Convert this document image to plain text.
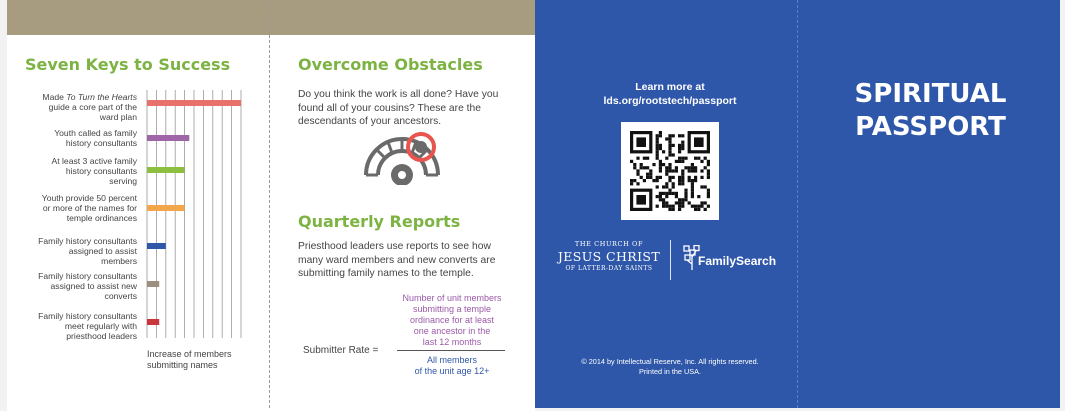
Seven Keys to Success
Made To Turn the Hearts
guide a core part of the
ward plan
Youth called as family
history consultants
At least 3 active family
history consultants
serving
Youth provide 50 percent
or more of the names for
temple ordinances
Family history consultants
assigned to assist
members
Family history consultants
assigned to assist new
converts
Family history consultants
meet regularly with
priesthood leaders
Increase of members
submitting names
Overcome Obstacles
Do you think the work is all done? Have you
found all of your cousins? These are the
descendants of your ancestors.
Quarterly Reports
Priesthood leaders use reports to see how
many ward members and new converts are
submitting family names to the temple.
Submitter Rate =
Number of unit members
submitting a temple
ordinance for at least
one ancestor in the
last 12 months
All members
of the unit age 12+
Learn more at
lds.org/rootstech/passport
THE CHURCH OF
JESUS CHRIST
OF LATTER-DAY SAINTS
FamilySearch
© 2014 by Intellectual Reserve, Inc. All rights reserved.
Printed in the USA.
SPIRITUAL
PASSPORT
